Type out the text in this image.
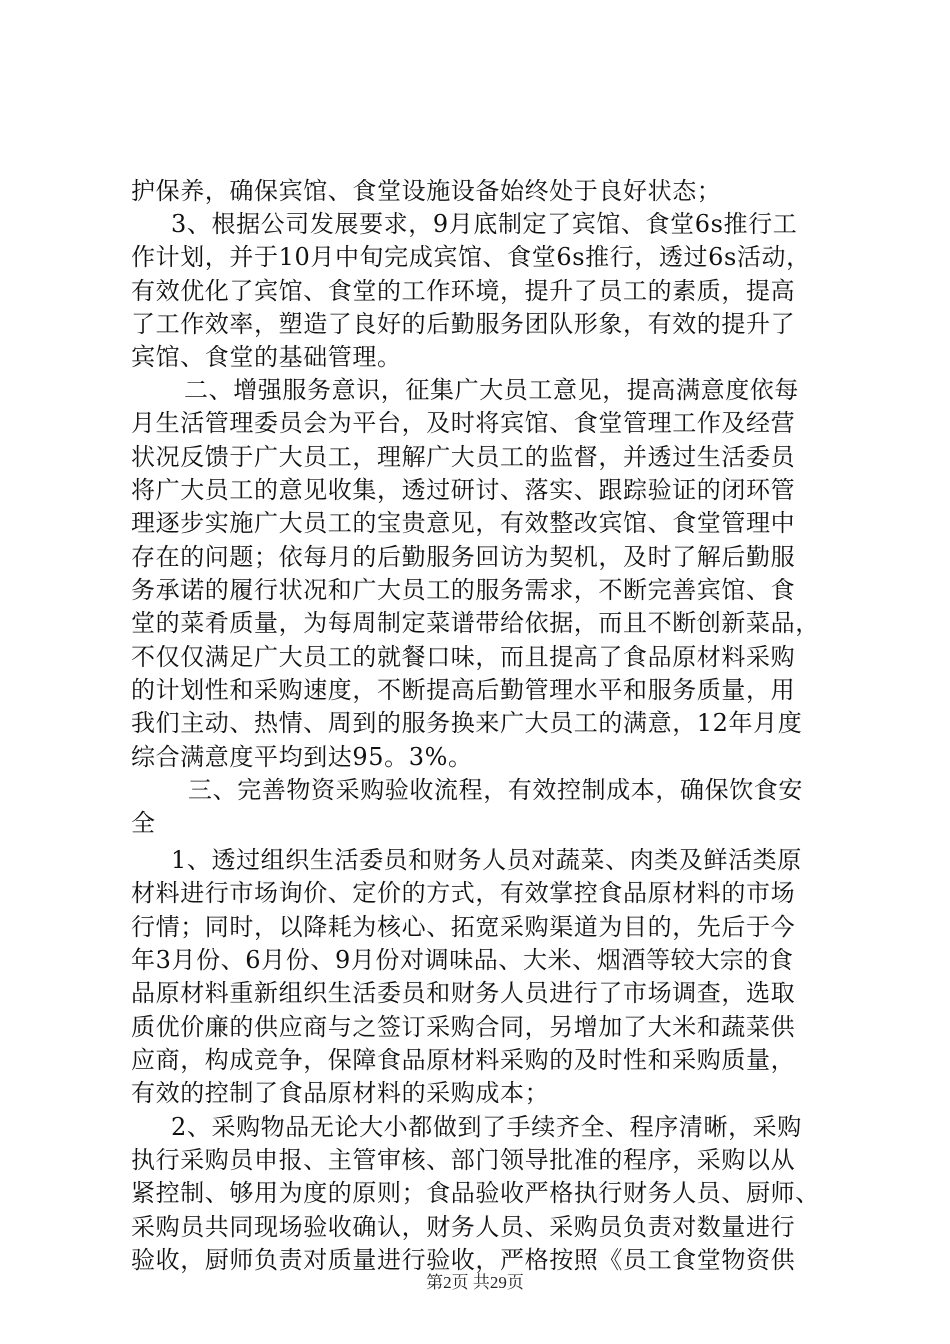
护保养，确保宾馆、食堂设施设备始终处于良好状态；
3、根据公司发展要求，9月底制定了宾馆、食堂6s推行工
作计划，并于10月中旬完成宾馆、食堂6s推行，透过6s活动，
有效优化了宾馆、食堂的工作环境，提升了员工的素质，提高
了工作效率，塑造了良好的后勤服务团队形象，有效的提升了
宾馆、食堂的基础管理。
二、增强服务意识，征集广大员工意见，提高满意度依每
月生活管理委员会为平台，及时将宾馆、食堂管理工作及经营
状况反馈于广大员工，理解广大员工的监督，并透过生活委员
将广大员工的意见收集，透过研讨、落实、跟踪验证的闭环管
理逐步实施广大员工的宝贵意见，有效整改宾馆、食堂管理中
存在的问题；依每月的后勤服务回访为契机，及时了解后勤服
务承诺的履行状况和广大员工的服务需求，不断完善宾馆、食
堂的菜肴质量，为每周制定菜谱带给依据，而且不断创新菜品，
不仅仅满足广大员工的就餐口味，而且提高了食品原材料采购
的计划性和采购速度，不断提高后勤管理水平和服务质量，用
我们主动、热情、周到的服务换来广大员工的满意，12年月度
综合满意度平均到达95。3%。
三、完善物资采购验收流程，有效控制成本，确保饮食安
全
1、透过组织生活委员和财务人员对蔬菜、肉类及鲜活类原
材料进行市场询价、定价的方式，有效掌控食品原材料的市场
行情；同时，以降耗为核心、拓宽采购渠道为目的，先后于今
年3月份、6月份、9月份对调味品、大米、烟酒等较大宗的食
品原材料重新组织生活委员和财务人员进行了市场调查，选取
质优价廉的供应商与之签订采购合同，另增加了大米和蔬菜供
应商，构成竞争，保障食品原材料采购的及时性和采购质量，
有效的控制了食品原材料的采购成本；
2、采购物品无论大小都做到了手续齐全、程序清晰，采购
执行采购员申报、主管审核、部门领导批准的程序，采购以从
紧控制、够用为度的原则；食品验收严格执行财务人员、厨师、
采购员共同现场验收确认，财务人员、采购员负责对数量进行
验收，厨师负责对质量进行验收，严格按照《员工食堂物资供
第2页 共29页
